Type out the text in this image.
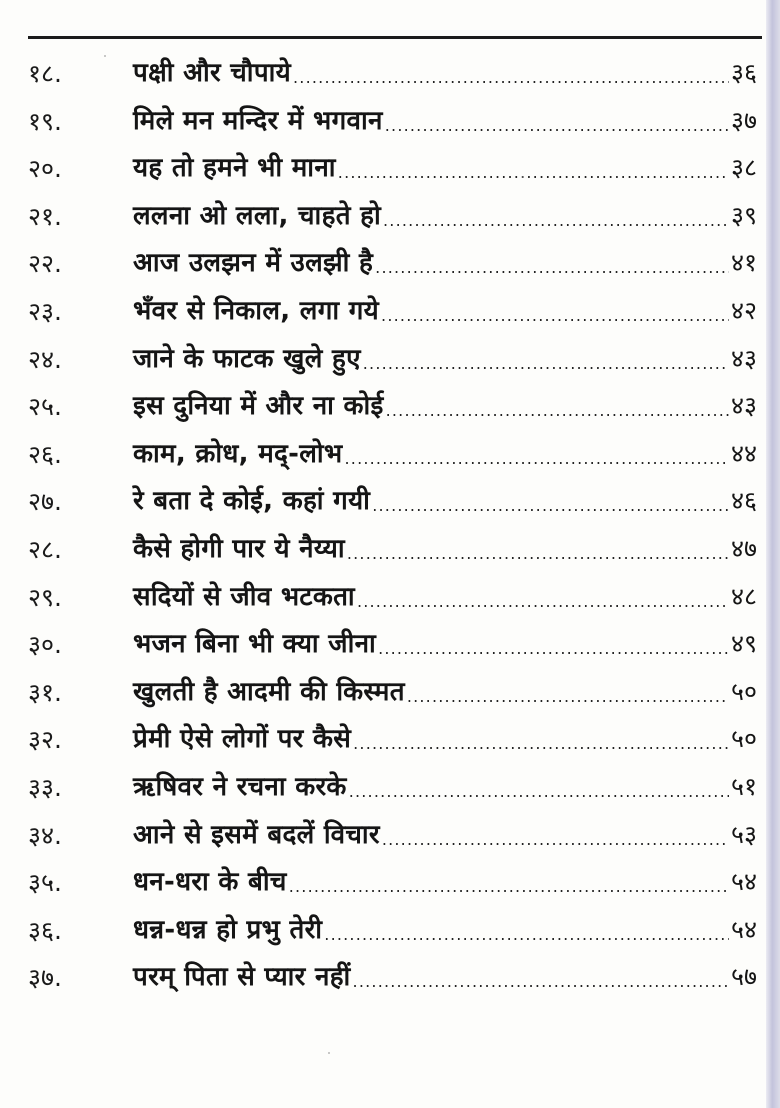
१८.	पक्षी और चौपाये .....	३६
१९.	मिले मन मन्दिर में भगवान .....	३७
२०.	यह तो हमने भी माना .....	३८
२१.	ललना ओ लला, चाहते हो .....	३९
२२.	आज उलझन में उलझी है .....	४१
२३.	भँवर से निकाल, लगा गये .....	४२
२४.	जाने के फाटक खुले हुए .....	४३
२५.	इस दुनिया में और ना कोई .....	४३
२६.	काम, क्रोध, मद्-लोभ .....	४४
२७.	रे बता दे कोई, कहां गयी .....	४६
२८.	कैसे होगी पार ये नैय्या .....	४७
२९.	सदियों से जीव भटकता .....	४८
३०.	भजन बिना भी क्या जीना .....	४९
३१.	खुलती है आदमी की किस्मत .....	५०
३२.	प्रेमी ऐसे लोगों पर कैसे .....	५०
३३.	ऋषिवर ने रचना करके .....	५१
३४.	आने से इसमें बदलें विचार .....	५३
३५.	धन-धरा के बीच .....	५४
३६.	धन्न-धन्न हो प्रभु तेरी .....	५४
३७.	परम् पिता से प्यार नहीं .....	५७
